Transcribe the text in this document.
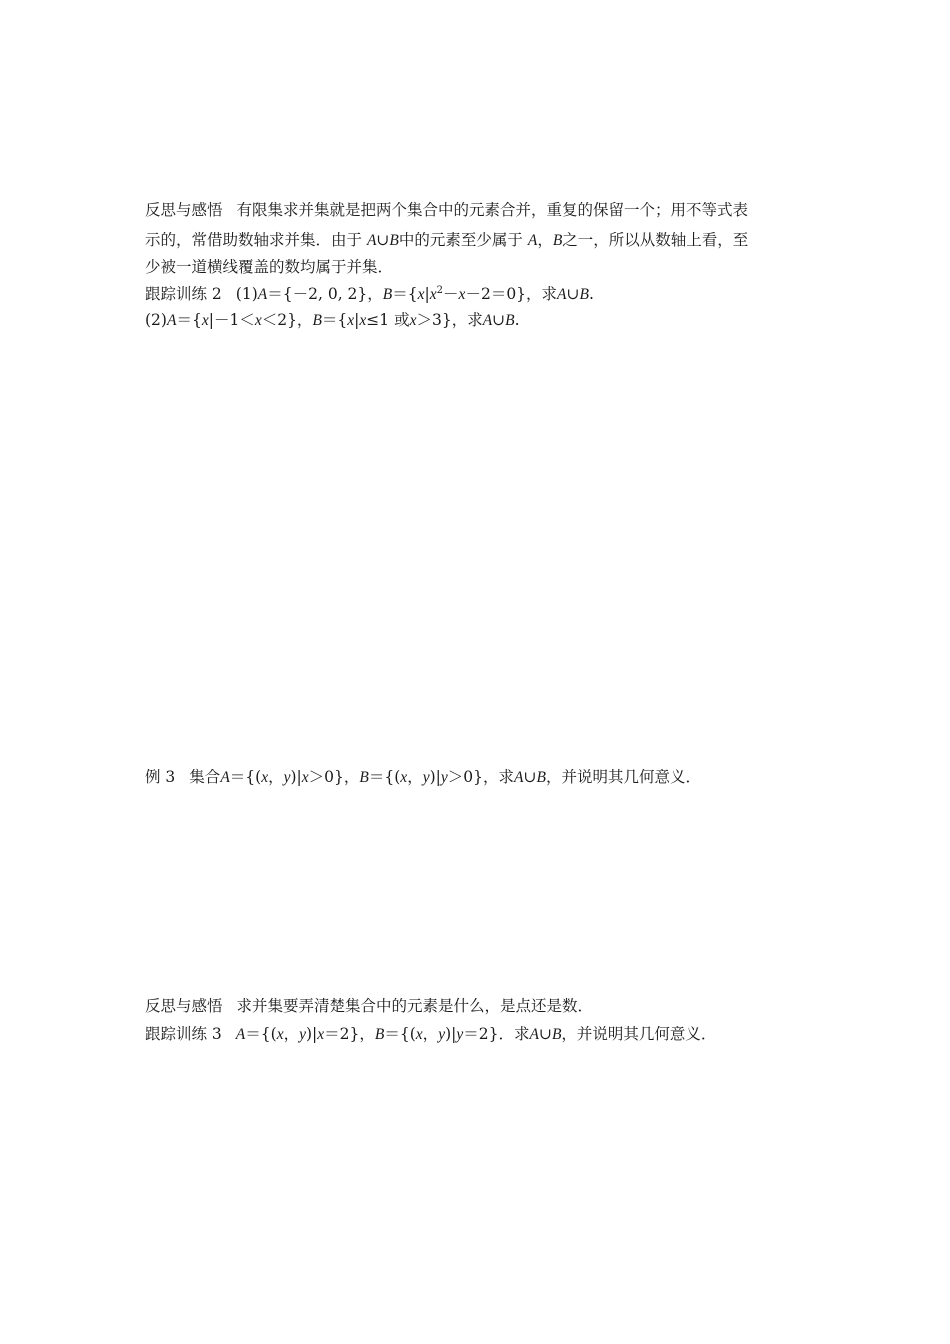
反思与感悟 有限集求并集就是把两个集合中的元素合并，重复的保留一个；用不等式表
示的，常借助数轴求并集．由于 A∪B中的元素至少属于 A，B之一，所以从数轴上看，至
少被一道横线覆盖的数均属于并集．
跟踪训练 2 (1)A＝{－2, 0, 2}，$B=\{x|x^2-x-2=0\}$，求A∪B.
(2)A＝{x|－1＜x＜2}，B＝{x|x≤1 或x＞3}，求A∪B.
例 3 集合A＝{(x，y)|x＞0}，B＝{(x，y)|y＞0}，求A∪B，并说明其几何意义．
反思与感悟 求并集要弄清楚集合中的元素是什么，是点还是数．
跟踪训练 3 A＝{(x，y)|x＝2}，B＝{(x，y)|y＝2}．求A∪B，并说明其几何意义．
